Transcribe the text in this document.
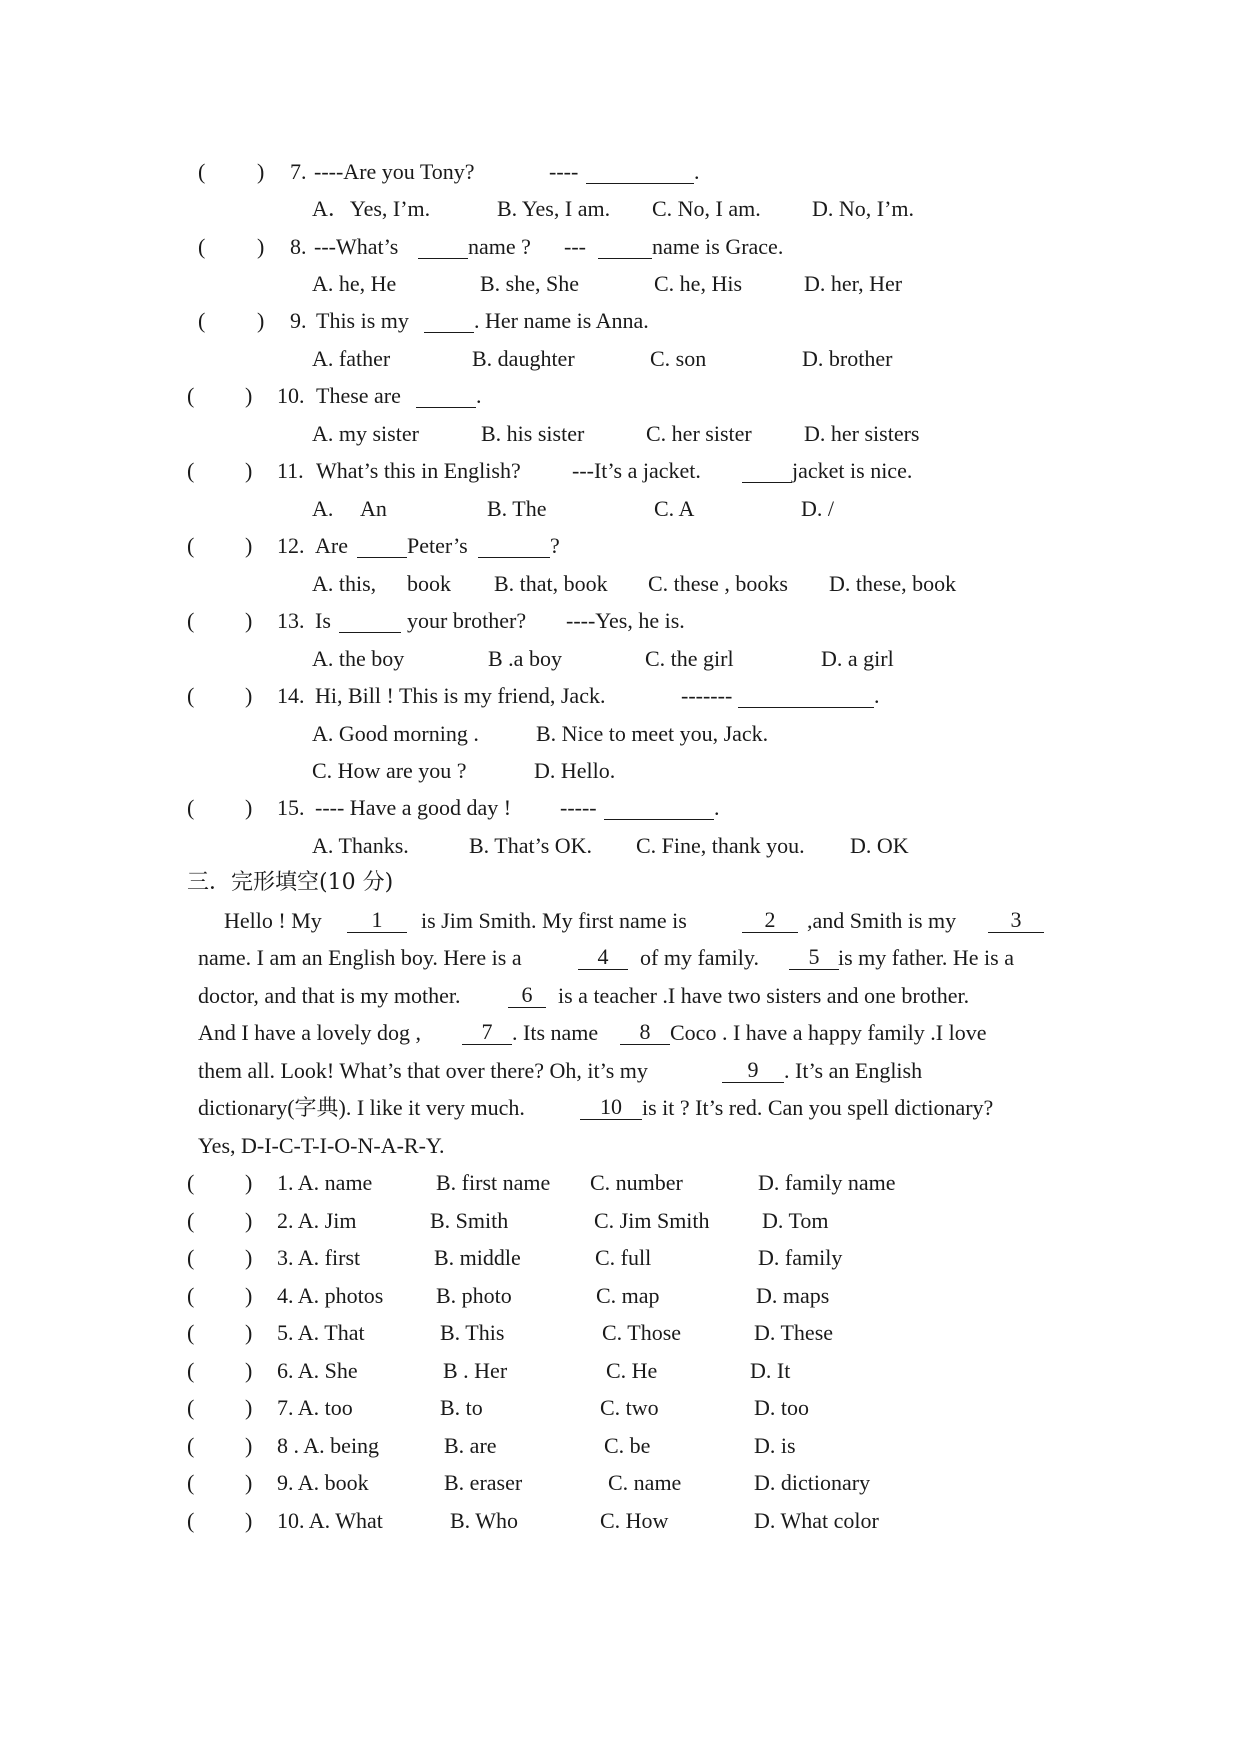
( ) 7. ----Are you Tony?	----	.
A．Yes, I’m.	B. Yes, I am. C. No, I am. D. No, I’m.
( ) 8. ---What’s	name ? ---	name is Grace.
A. he, He	B. she, She	C. he, His	D. her, Her
( ) 9. This is my	. Her name is Anna.
A. father	B. daughter	C. son	D. brother
( ) 10. These are	.
A. my sister	B. his sister	C. her sister D. her sisters
( ) 11. What’s this in English? ---It’s a jacket.	jacket is nice.
A. An	B. The	C. A	D. /
( ) 12. Are	Peter’s	?
A. this, book B. that, book C. these , books D. these, book
( ) 13. Is	your brother? ----Yes, he is.
A. the boy	B .a boy	C. the girl	D. a girl
( ) 14. Hi, Bill ! This is my friend, Jack.	-------	.
A. Good morning .	B. Nice to meet you, Jack.
C. How are you ?	D. Hello.
( ) 15. ---- Have a good day ! -----	.
A. Thanks.	B. That’s OK. C. Fine, thank you. D. OK
三．完形填空(10 分)
Hello ! My	1	is Jim Smith. My first name is	2	,and Smith is my	3
name. I am an English boy. Here is a	4	of my family.	5 is my father. He is a
doctor, and that is my mother.	6	is a teacher .I have two sisters and one brother.
And I have a lovely dog ,	7 . Its name	8 Coco . I have a happy family .I love
them all. Look! What’s that over there? Oh, it’s my	9	. It’s an English
dictionary(字典). I like it very much.	10 is it ? It’s red. Can you spell dictionary?
Yes, D-I-C-T-I-O-N-A-R-Y.
( ) 1. A. name	B. first name C. number	D. family name
( ) 2. A. Jim	B. Smith	C. Jim Smith D. Tom
( ) 3. A. first	B. middle	C. full	D. family
( ) 4. A. photos B. photo	C. map	D. maps
( ) 5. A. That	B. This	C. Those	D. These
( ) 6. A. She	B . Her	C. He	D. It
( ) 7. A. too	B. to	C. two	D. too
( ) 8 . A. being	B. are	C. be	D. is
( ) 9. A. book	B. eraser	C. name	D. dictionary
( ) 10. A. What	B. Who	C. How	D. What color
